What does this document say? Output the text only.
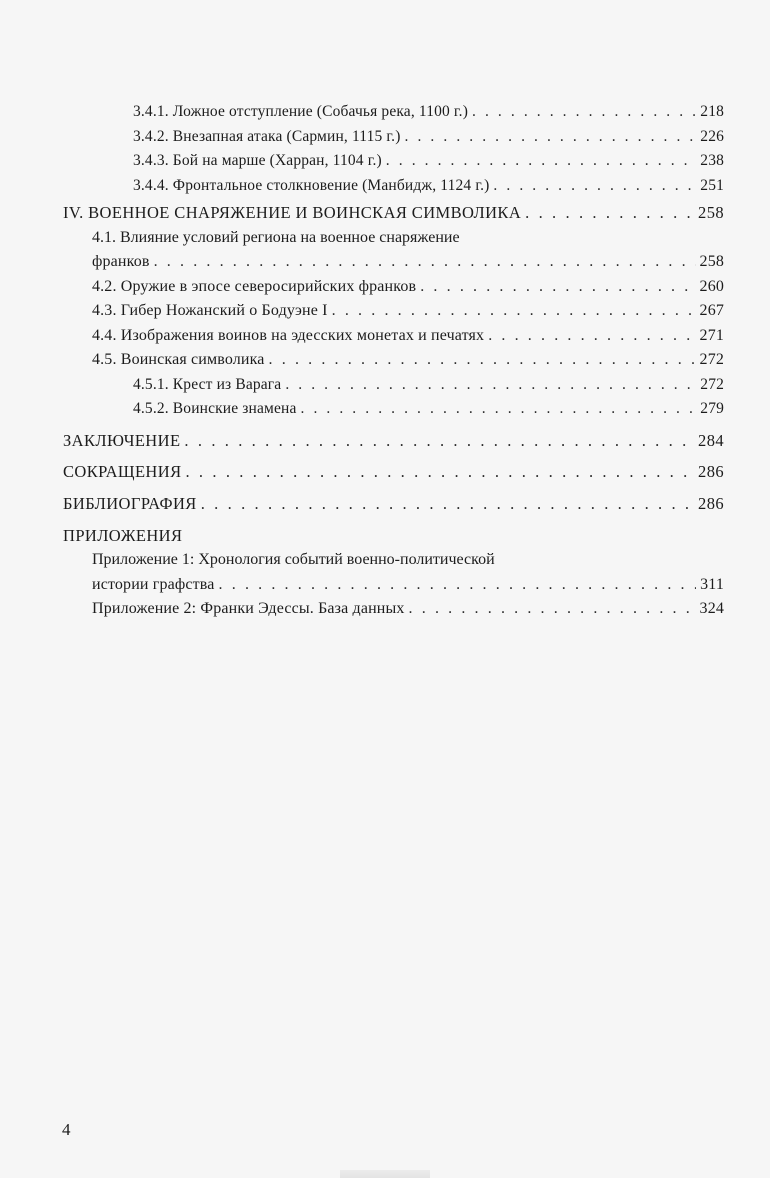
3.4.1. Ложное отступление (Собачья река, 1100 г.) . . .	218
3.4.2. Внезапная атака (Сармин, 1115 г.) . . .	226
3.4.3. Бой на марше (Харран, 1104 г.) . . .	238
3.4.4. Фронтальное столкновение (Манбидж, 1124 г.) . . .	251
IV. ВОЕННОЕ СНАРЯЖЕНИЕ И ВОИНСКАЯ СИМВОЛИКА . . .	258
4.1. Влияние условий региона на военное снаряжение
франков . . .	258
4.2. Оружие в эпосе северосирийских франков . . .	260
4.3. Гибер Ножанский о Бодуэне I . . .	267
4.4. Изображения воинов на эдесских монетах и печатях . . .	271
4.5. Воинская символика . . .	272
4.5.1. Крест из Варага . . .	272
4.5.2. Воинские знамена . . .	279
ЗАКЛЮЧЕНИЕ . . .	284
СОКРАЩЕНИЯ . . .	286
БИБЛИОГРАФИЯ . . .	286
ПРИЛОЖЕНИЯ
Приложение 1: Хронология событий военно-политической
истории графства . . .	311
Приложение 2: Франки Эдессы. База данных . . .	324
4
